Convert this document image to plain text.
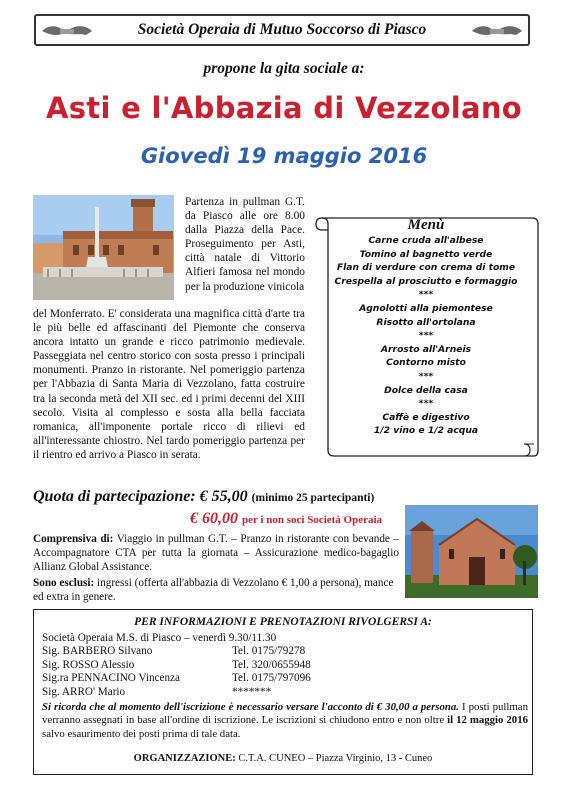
Società Operaia di Mutuo Soccorso di Piasco
propone la gita sociale a:
Asti e l'Abbazia di Vezzolano
Giovedì 19 maggio 2016
Partenza in pullman G.T. da Piasco alle ore 8.00 dalla Piazza della Pace. Proseguimento per Asti, città natale di Vittorio Alfieri famosa nel mondo per la produzione vinicola
del Monferrato. E' considerata una magnifica città d'arte tra le più belle ed affascinanti del Piemonte che conserva ancora intatto un grande e ricco patrimonio medievale. Passeggiata nel centro storico con sosta presso i principali monumenti. Pranzo in ristorante. Nel pomeriggio partenza per l'Abbazia di Santa Maria di Vezzolano, fatta costruire tra la seconda metà del XII sec. ed i primi decenni del XIII secolo. Visita al complesso e sosta alla bella facciata romanica, all'imponente portale ricco di rilievi ed all'interessante chiostro. Nel tardo pomeriggio partenza per il rientro ed arrivo a Piasco in serata.
Menù
Carne cruda all'albese
Tomino al bagnetto verde
Flan di verdure con crema di tome
Crespella al prosciutto e formaggio
***
Agnolotti alla piemontese
Risotto all'ortolana
***
Arrosto all'Arneis
Contorno misto
***
Dolce della casa
***
Caffè e digestivo
1/2 vino e 1/2 acqua
Quota di partecipazione: € 55,00 (minimo 25 partecipanti)
€ 60,00 per i non soci Società Operaia
Comprensiva di: Viaggio in pullman G.T. – Pranzo in ristorante con bevande – Accompagnatore CTA per tutta la giornata – Assicurazione medico-bagaglio Allianz Global Assistance.
Sono esclusi: ingressi (offerta all'abbazia di Vezzolano € 1,00 a persona), mance ed extra in genere.
PER INFORMAZIONI E PRENOTAZIONI RIVOLGERSI A:
Società Operaia M.S. di Piasco – venerdì 9.30/11.30
Sig. BARBERO Silvano	Tel. 0175/79278
Sig. ROSSO Alessio	Tel. 320/0655948
Sig.ra PENNACINO Vincenza	Tel. 0175/797096
Sig. ARRO' Mario	*******
Si ricorda che al momento dell'iscrizione è necessario versare l'acconto di € 30,00 a persona. I posti pullman verranno assegnati in base all'ordine di iscrizione. Le iscrizioni si chiudono entro e non oltre il 12 maggio 2016 salvo esaurimento dei posti prima di tale data.
ORGANIZZAZIONE: C.T.A. CUNEO – Piazza Virginio, 13 - Cuneo
